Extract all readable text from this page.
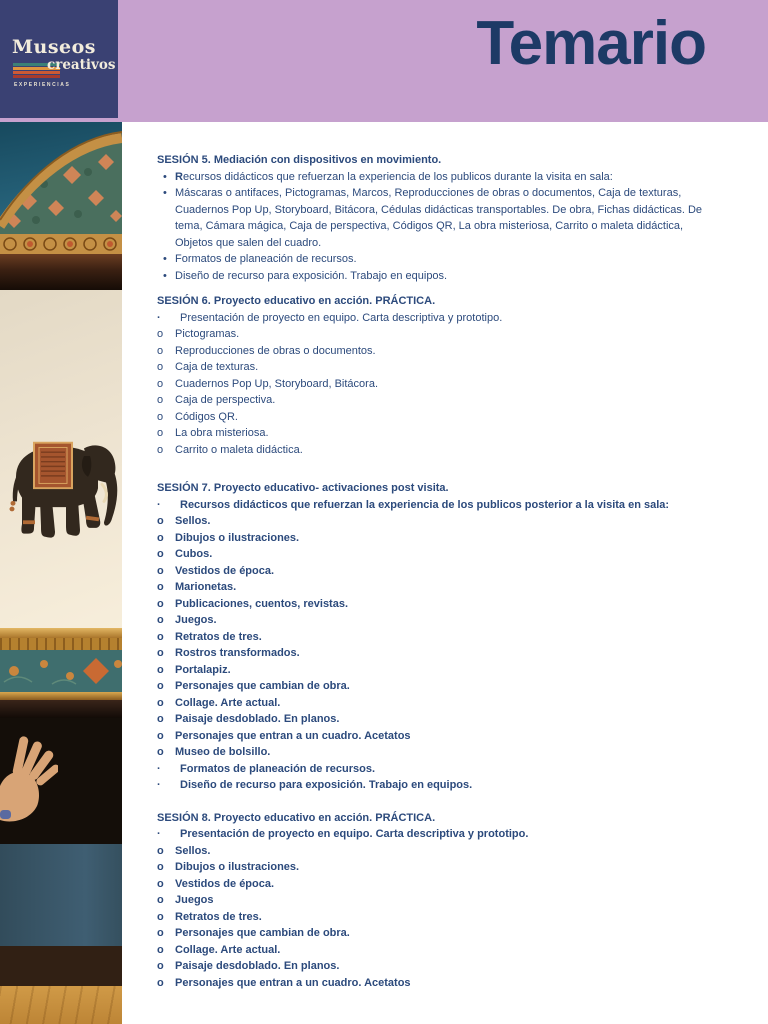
Temario
Museos
creativos
EXPERIENCIAS
SESIÓN 5. Mediación con dispositivos en movimiento.
• Recursos didácticos que refuerzan la experiencia de los publicos durante la visita en sala:
• Máscaras o antifaces, Pictogramas, Marcos, Reproducciones de obras o documentos, Caja de texturas, Cuadernos Pop Up, Storyboard, Bitácora, Cédulas didácticas transportables. De obra, Fichas didácticas. De tema, Cámara mágica, Caja de perspectiva, Códigos QR, La obra misteriosa, Carrito o maleta didáctica, Objetos que salen del cuadro.
• Formatos de planeación de recursos.
• Diseño de recurso para exposición. Trabajo en equipos.
SESIÓN 6. Proyecto educativo en acción. PRÁCTICA.
·	Presentación de proyecto en equipo. Carta descriptiva y prototipo.
o	Pictogramas.
o	Reproducciones de obras o documentos.
o	Caja de texturas.
o	Cuadernos Pop Up, Storyboard, Bitácora.
o	Caja de perspectiva.
o	Códigos QR.
o	La obra misteriosa.
o	Carrito o maleta didáctica.
SESIÓN 7. Proyecto educativo- activaciones post visita.
·	Recursos didácticos que refuerzan la experiencia de los publicos posterior a la visita en sala:
o	Sellos.
o	Dibujos o ilustraciones.
o	Cubos.
o	Vestidos de época.
o	Marionetas.
o	Publicaciones, cuentos, revistas.
o	Juegos.
o	Retratos de tres.
o	Rostros transformados.
o	Portalapiz.
o	Personajes que cambian de obra.
o	Collage. Arte actual.
o	Paisaje desdoblado. En planos.
o	Personajes que entran a un cuadro. Acetatos
o	Museo de bolsillo.
·	Formatos de planeación de recursos.
·	Diseño de recurso para exposición. Trabajo en equipos.
SESIÓN 8. Proyecto educativo en acción. PRÁCTICA.
·	Presentación de proyecto en equipo. Carta descriptiva y prototipo.
o	Sellos.
o	Dibujos o ilustraciones.
o	Vestidos de época.
o	Juegos
o	Retratos de tres.
o	Personajes que cambian de obra.
o	Collage. Arte actual.
o	Paisaje desdoblado. En planos.
o	Personajes que entran a un cuadro. Acetatos
